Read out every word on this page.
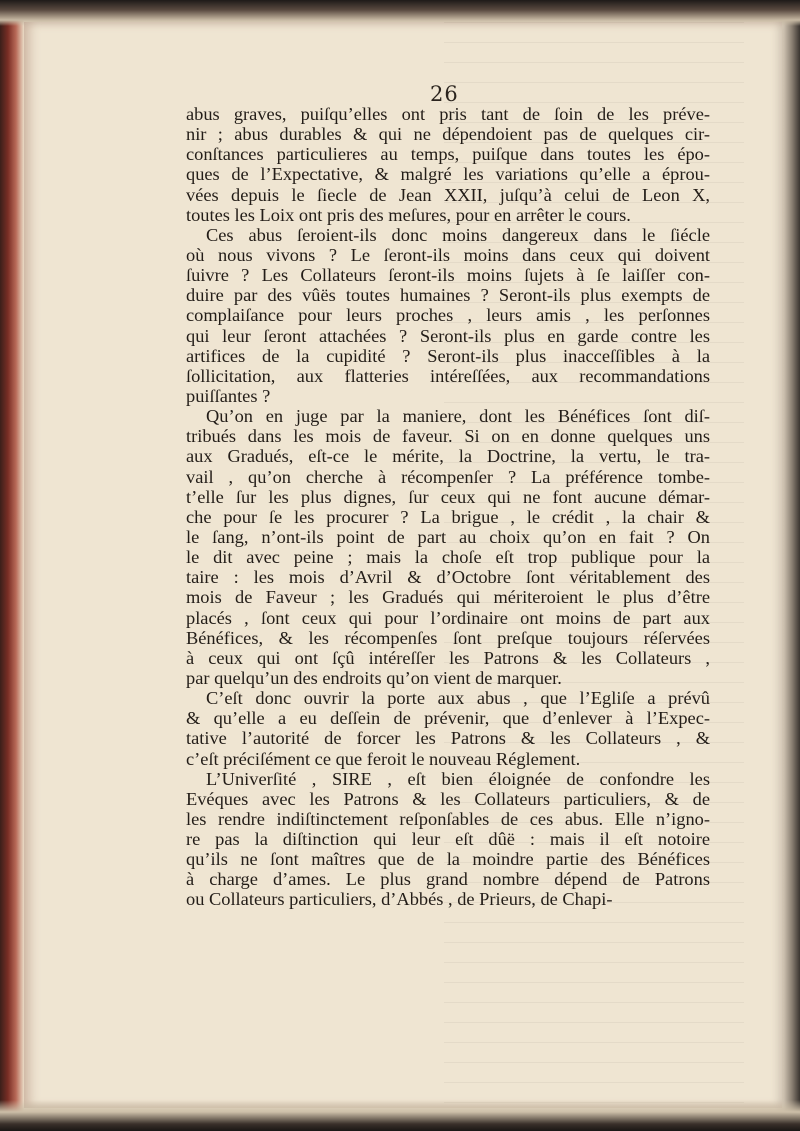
26
abus graves, puiſqu’elles ont pris tant de ſoin de les préve-
nir ; abus durables & qui ne dépendoient pas de quelques cir-
conſtances particulieres au temps, puiſque dans toutes les épo-
ques de l’Expectative, & malgré les variations qu’elle a éprou-
vées depuis le ſiecle de Jean XXII, juſqu’à celui de Leon X,
toutes les Loix ont pris des meſures, pour en arrêter le cours.
Ces abus ſeroient-ils donc moins dangereux dans le ſiécle
où nous vivons ? Le ſeront-ils moins dans ceux qui doivent
ſuivre ? Les Collateurs ſeront-ils moins ſujets à ſe laiſſer con-
duire par des vûës toutes humaines ? Seront-ils plus exempts de
complaiſance pour leurs proches , leurs amis , les perſonnes
qui leur ſeront attachées ? Seront-ils plus en garde contre les
artifices de la cupidité ? Seront-ils plus inacceſſibles à la
ſollicitation, aux flatteries intéreſſées, aux recommandations
puiſſantes ?
Qu’on en juge par la maniere, dont les Bénéfices ſont diſ-
tribués dans les mois de faveur. Si on en donne quelques uns
aux Gradués, eſt-ce le mérite, la Doctrine, la vertu, le tra-
vail , qu’on cherche à récompenſer ? La préférence tombe-
t’elle ſur les plus dignes, ſur ceux qui ne font aucune démar-
che pour ſe les procurer ? La brigue , le crédit , la chair &
le ſang, n’ont-ils point de part au choix qu’on en fait ? On
le dit avec peine ; mais la choſe eſt trop publique pour la
taire : les mois d’Avril & d’Octobre ſont véritablement des
mois de Faveur ; les Gradués qui mériteroient le plus d’être
placés , ſont ceux qui pour l’ordinaire ont moins de part aux
Bénéfices, & les récompenſes ſont preſque toujours réſervées
à ceux qui ont ſçû intéreſſer les Patrons & les Collateurs ,
par quelqu’un des endroits qu’on vient de marquer.
C’eſt donc ouvrir la porte aux abus , que l’Egliſe a prévû
& qu’elle a eu deſſein de prévenir, que d’enlever à l’Expec-
tative l’autorité de forcer les Patrons & les Collateurs , &
c’eſt préciſément ce que feroit le nouveau Réglement.
L’Univerſité , SIRE , eſt bien éloignée de confondre les
Evéques avec les Patrons & les Collateurs particuliers, & de
les rendre indiſtinctement reſponſables de ces abus. Elle n’igno-
re pas la diſtinction qui leur eſt dûë : mais il eſt notoire
qu’ils ne ſont maîtres que de la moindre partie des Bénéfices
à charge d’ames. Le plus grand nombre dépend de Patrons
ou Collateurs particuliers, d’Abbés , de Prieurs, de Chapi-
